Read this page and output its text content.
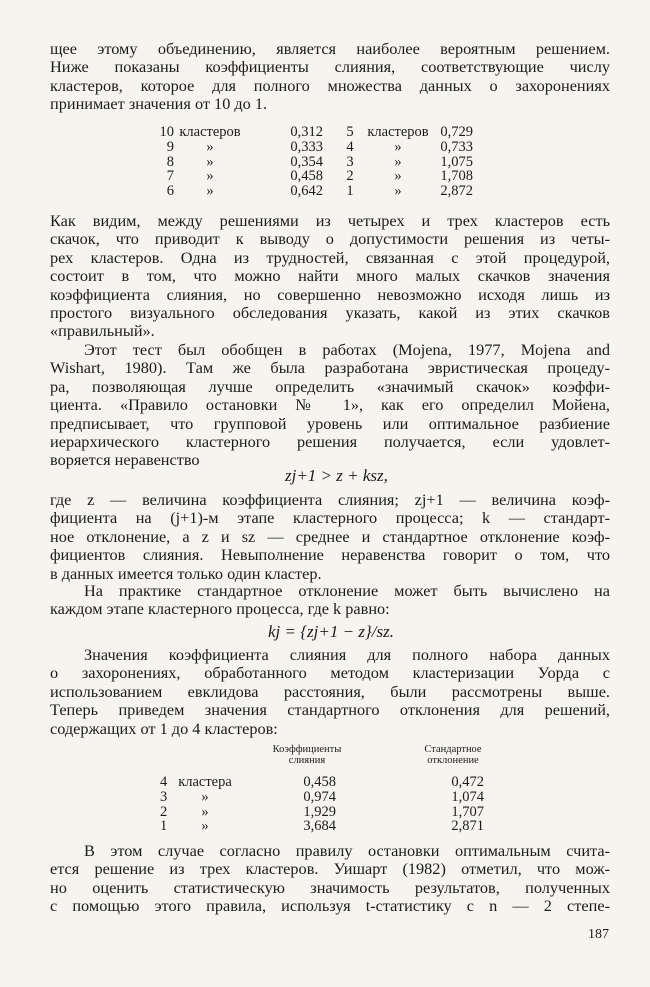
щее этому объединению, является наиболее вероятным решением.
Ниже показаны коэффициенты слияния, соответствующие числу
кластеров, которое для полного множества данных о захоронениях
принимает значения от 10 до 1.
10	кластеров	0,312	5	кластеров	0,729
9	»	0,333	4	»	0,733
8	»	0,354	3	»	1,075
7	»	0,458	2	»	1,708
6	»	0,642	1	»	2,872
Как видим, между решениями из четырех и трех кластеров есть
скачок, что приводит к выводу о допустимости решения из четы-
рех кластеров. Одна из трудностей, связанная с этой процедурой,
состоит в том, что можно найти много малых скачков значения
коэффициента слияния, но совершенно невозможно исходя лишь из
простого визуального обследования указать, какой из этих скачков
«правильный».
Этот тест был обобщен в работах (Mojena, 1977, Mojena and
Wishart, 1980). Там же была разработана эвристическая процеду-
ра, позволяющая лучше определить «значимый скачок» коэффи-
циента. «Правило остановки № 1», как его определил Мойена,
предписывает, что групповой уровень или оптимальное разбиение
иерархического кластерного решения получается, если удовлет-
воряется неравенство
zj+1 > z + ksz,
где z — величина коэффициента слияния; zj+1 — величина коэф-
фициента на (j+1)-м этапе кластерного процесса; k — стандарт-
ное отклонение, а z и sz — среднее и стандартное отклонение коэф-
фициентов слияния. Невыполнение неравенства говорит о том, что
в данных имеется только один кластер.
На практике стандартное отклонение может быть вычислено на
каждом этапе кластерного процесса, где k равно:
kj = {zj+1 − z}/sz.
Значения коэффициента слияния для полного набора данных
о захоронениях, обработанного методом кластеризации Уорда с
использованием евклидова расстояния, были рассмотрены выше.
Теперь приведем значения стандартного отклонения для решений,
содержащих от 1 до 4 кластеров:
Коэффициенты
слияния
Стандартное
отклонение
4	кластера	0,458	0,472
3	»	0,974	1,074
2	»	1,929	1,707
1	»	3,684	2,871
В этом случае согласно правилу остановки оптимальным счита-
ется решение из трех кластеров. Уишарт (1982) отметил, что мож-
но оценить статистическую значимость результатов, полученных
с помощью этого правила, используя t-статистику с n — 2 степе-
187
